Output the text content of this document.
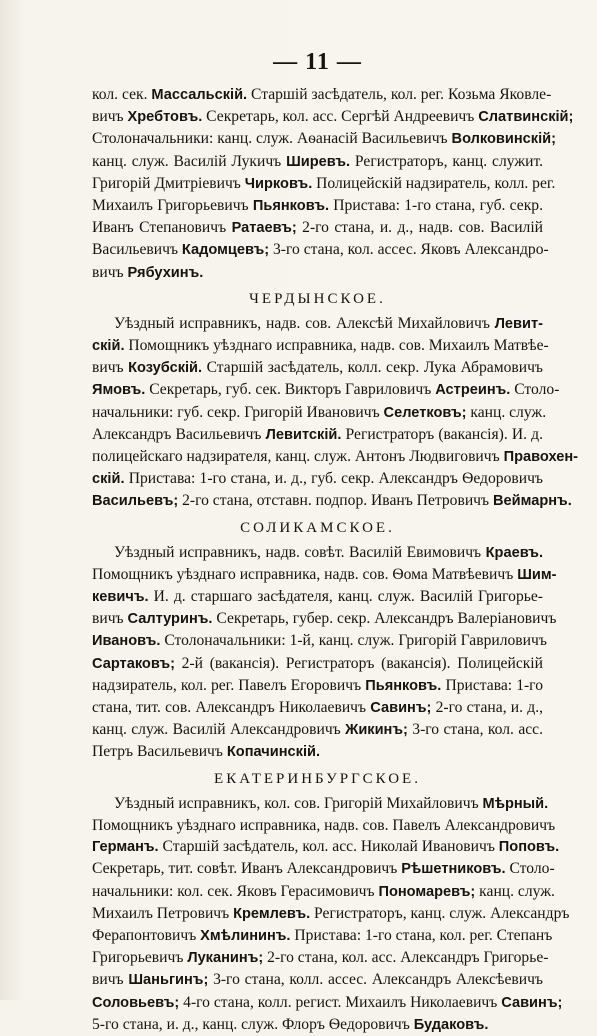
— 11 —
кол. сек. Массальскій. Старшій засѣдатель, кол. рег. Козьма Яковле-
вичъ Хребтовъ. Секретарь, кол. асс. Сергѣй Андреевичъ Слатвинскій;
Столоначальники: канц. служ. Аѳанасій Васильевичъ Волковинскій;
канц. служ. Василій Лукичъ Ширевъ. Регистраторъ, канц. служит.
Григорій Дмитріевичъ Чирковъ. Полицейскій надзиратель, колл. рег.
Михаилъ Григорьевичъ Пьянковъ. Пристава: 1-го стана, губ. секр.
Иванъ Степановичъ Ратаевъ; 2-го стана, и. д., надв. сов. Василій
Васильевичъ Кадомцевъ; 3-го стана, кол. ассес. Яковъ Александро-
вичъ Рябухинъ.
ЧЕРДЫНСКОЕ.
Уѣздный исправникъ, надв. сов. Алексѣй Михайловичъ Левит-
скій. Помощникъ уѣзднаго исправника, надв. сов. Михаилъ Матвѣе-
вичъ Козубскій. Старшій засѣдатель, колл. секр. Лука Абрамовичъ
Ямовъ. Секретарь, губ. сек. Викторъ Гавриловичъ Астреинъ. Столо-
начальники: губ. секр. Григорій Ивановичъ Селетковъ; канц. служ.
Александръ Васильевичъ Левитскій. Регистраторъ (вакансія). И. д.
полицейскаго надзирателя, канц. служ. Антонъ Людвиговичъ Правохен-
скій. Пристава: 1-го стана, и. д., губ. секр. Александръ Ѳедоровичъ
Васильевъ; 2-го стана, отставн. подпор. Иванъ Петровичъ Веймарнъ.
СОЛИКАМСКОЕ.
Уѣздный исправникъ, надв. совѣт. Василій Евимовичъ Краевъ.
Помощникъ уѣзднаго исправника, надв. сов. Ѳома Матвѣевичъ Шим-
кевичъ. И. д. старшаго засѣдателя, канц. служ. Василій Григорье-
вичъ Салтуринъ. Секретарь, губер. секр. Александръ Валеріановичъ
Ивановъ. Столоначальники: 1-й, канц. служ. Григорій Гавриловичъ
Сартаковъ; 2-й (вакансія). Регистраторъ (вакансія). Полицейскій
надзиратель, кол. рег. Павелъ Егоровичъ Пьянковъ. Пристава: 1-го
стана, тит. сов. Александръ Николаевичъ Савинъ; 2-го стана, и. д.,
канц. служ. Василій Александровичъ Жикинъ; 3-го стана, кол. асс.
Петръ Васильевичъ Копачинскій.
ЕКАТЕРИНБУРГСКОЕ.
Уѣздный исправникъ, кол. сов. Григорій Михайловичъ Мѣрный.
Помощникъ уѣзднаго исправника, надв. сов. Павелъ Александровичъ
Германъ. Старшій засѣдатель, кол. асс. Николай Ивановичъ Поповъ.
Секретарь, тит. совѣт. Иванъ Александровичъ Рѣшетниковъ. Столо-
начальники: кол. сек. Яковъ Герасимовичъ Пономаревъ; канц. служ.
Михаилъ Петровичъ Кремлевъ. Регистраторъ, канц. служ. Александръ
Ферапонтовичъ Хмѣлининъ. Пристава: 1-го стана, кол. рег. Степанъ
Григорьевичъ Луканинъ; 2-го стана, кол. асс. Александръ Григорье-
вичъ Шаньгинъ; 3-го стана, колл. ассес. Александръ Алексѣевичъ
Соловьевъ; 4-го стана, колл. регист. Михаилъ Николаевичъ Савинъ;
5-го стана, и. д., канц. служ. Флоръ Ѳедоровичъ Будаковъ.
